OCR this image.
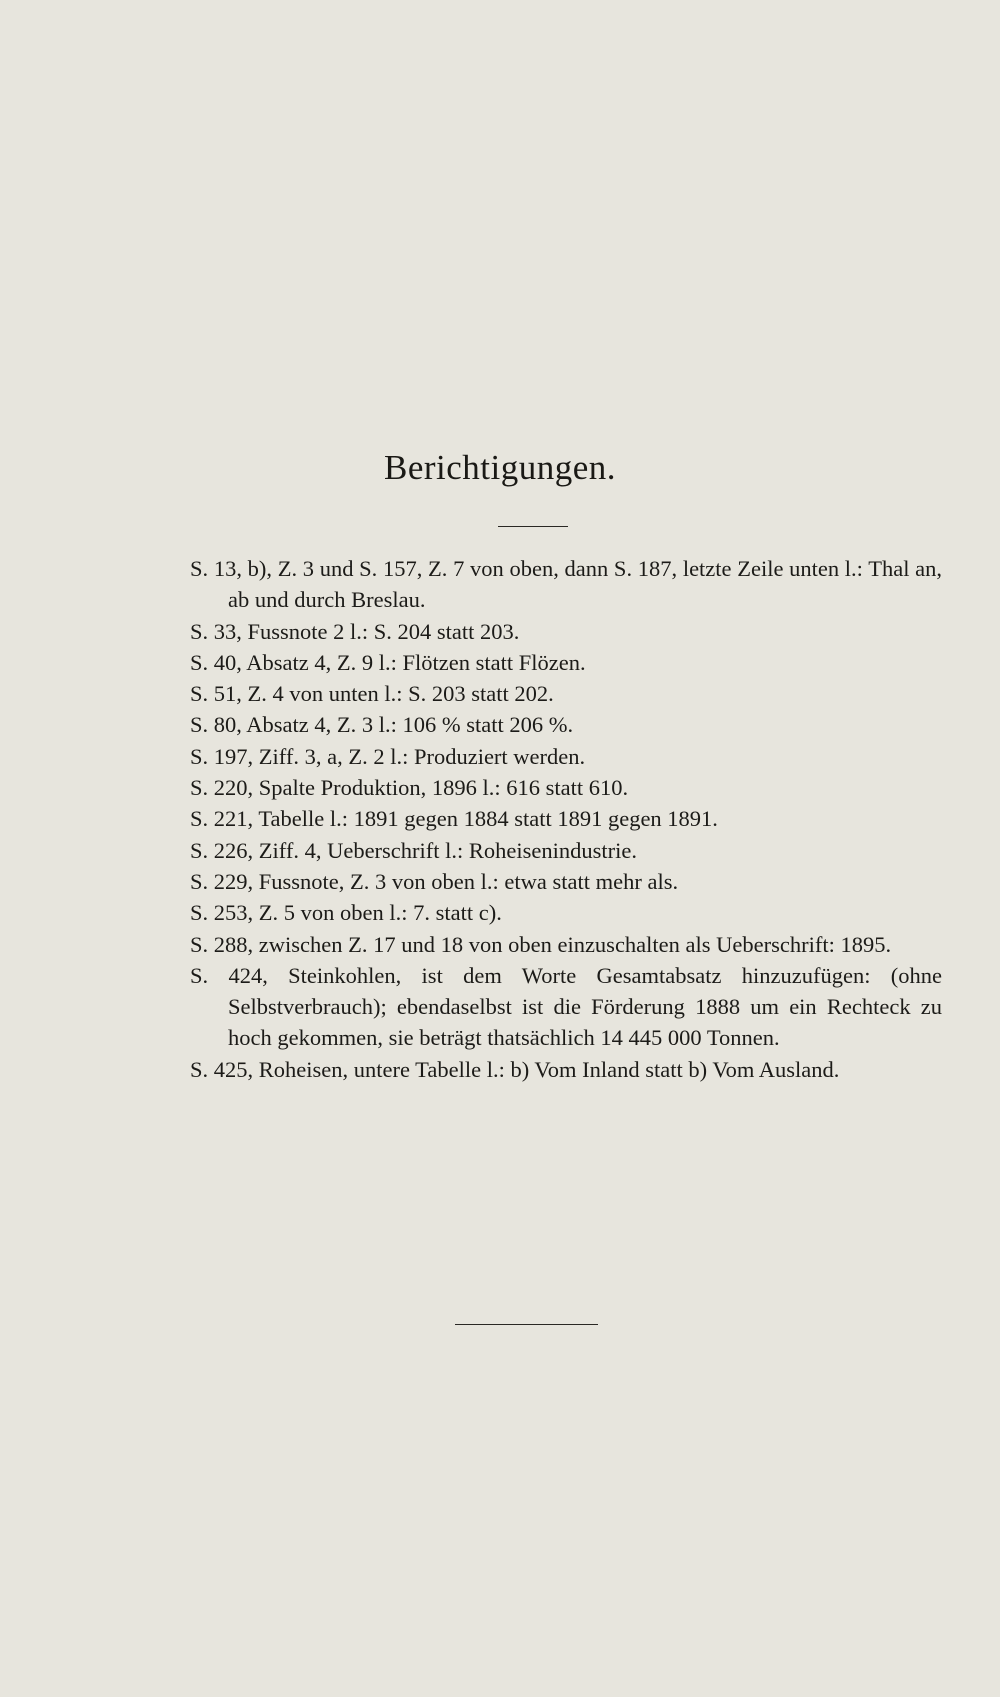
Berichtigungen.
S. 13, b), Z. 3 und S. 157, Z. 7 von oben, dann S. 187, letzte Zeile unten l.: Thal an, ab und durch Breslau.
S. 33, Fussnote 2 l.: S. 204 statt 203.
S. 40, Absatz 4, Z. 9 l.: Flötzen statt Flözen.
S. 51, Z. 4 von unten l.: S. 203 statt 202.
S. 80, Absatz 4, Z. 3 l.: 106 % statt 206 %.
S. 197, Ziff. 3, a, Z. 2 l.: Produziert werden.
S. 220, Spalte Produktion, 1896 l.: 616 statt 610.
S. 221, Tabelle l.: 1891 gegen 1884 statt 1891 gegen 1891.
S. 226, Ziff. 4, Ueberschrift l.: Roheisenindustrie.
S. 229, Fussnote, Z. 3 von oben l.: etwa statt mehr als.
S. 253, Z. 5 von oben l.: 7. statt c).
S. 288, zwischen Z. 17 und 18 von oben einzuschalten als Ueberschrift: 1895.
S. 424, Steinkohlen, ist dem Worte Gesamtabsatz hinzuzufügen: (ohne Selbstverbrauch); ebendaselbst ist die Förderung 1888 um ein Rechteck zu hoch gekommen, sie beträgt thatsächlich 14 445 000 Tonnen.
S. 425, Roheisen, untere Tabelle l.: b) Vom Inland statt b) Vom Ausland.
